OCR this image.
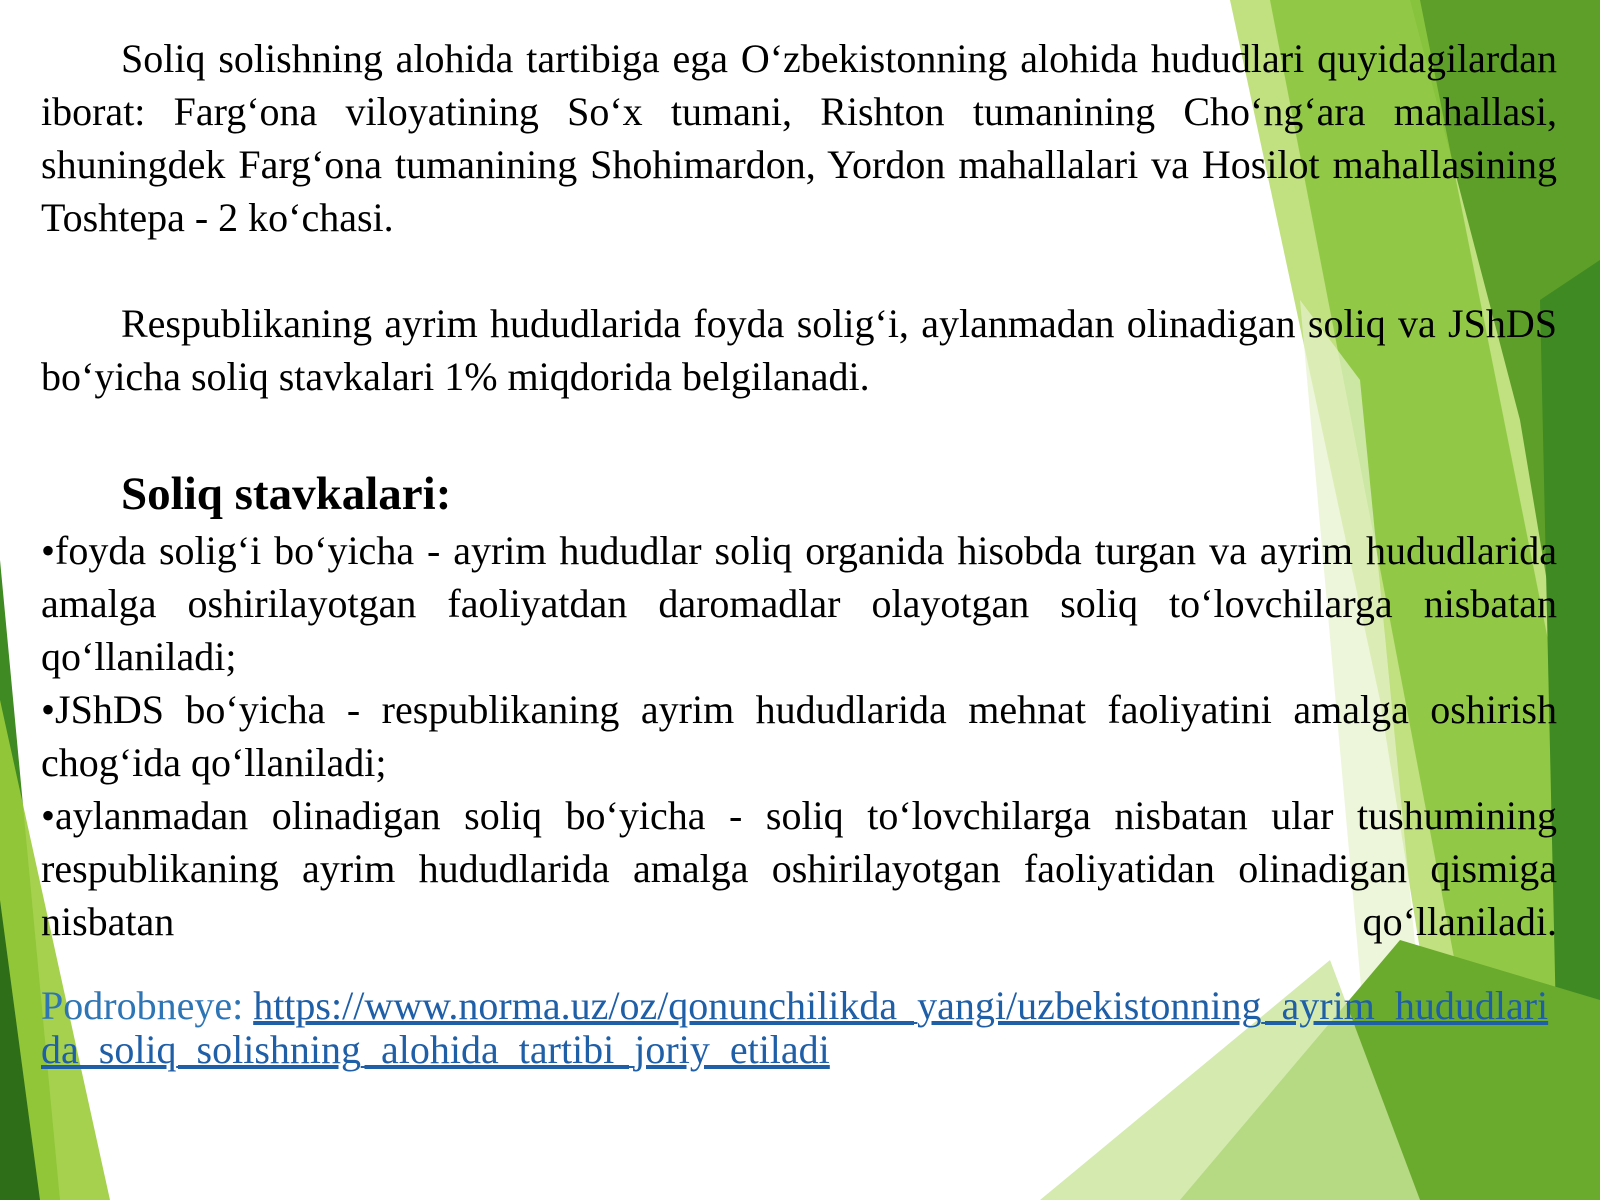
Soliq solishning alohida tartibiga ega O‘zbekistonning alohida hududlari quyidagilardan iborat: Farg‘ona viloyatining So‘x tumani, Rishton tumanining Cho‘ng‘ara mahallasi, shuningdek Farg‘ona tumanining Shohimardon, Yordon mahallalari va Hosilot mahallasining Toshtepa - 2 ko‘chasi.

Respublikaning ayrim hududlarida foyda solig‘i, aylanmadan olinadigan soliq va JShDS bo‘yicha soliq stavkalari 1% miqdorida belgilanadi.

Soliq stavkalari:

•foyda solig‘i bo‘yicha - ayrim hududlar soliq organida hisobda turgan va ayrim hududlarida amalga oshirilayotgan faoliyatdan daromadlar olayotgan soliq to‘lovchilarga nisbatan qo‘llaniladi;

•JShDS bo‘yicha - respublikaning ayrim hududlarida mehnat faoliyatini amalga oshirish chog‘ida qo‘llaniladi;

•aylanmadan olinadigan soliq bo‘yicha - soliq to‘lovchilarga nisbatan ular tushumining respublikaning ayrim hududlarida amalga oshirilayotgan faoliyatidan olinadigan qismiga nisbatan qo‘llaniladi.

Podrobneye: https://www.norma.uz/oz/qonunchilikda_yangi/uzbekistonning_ayrim_hududlarida_soliq_solishning_alohida_tartibi_joriy_etiladi
